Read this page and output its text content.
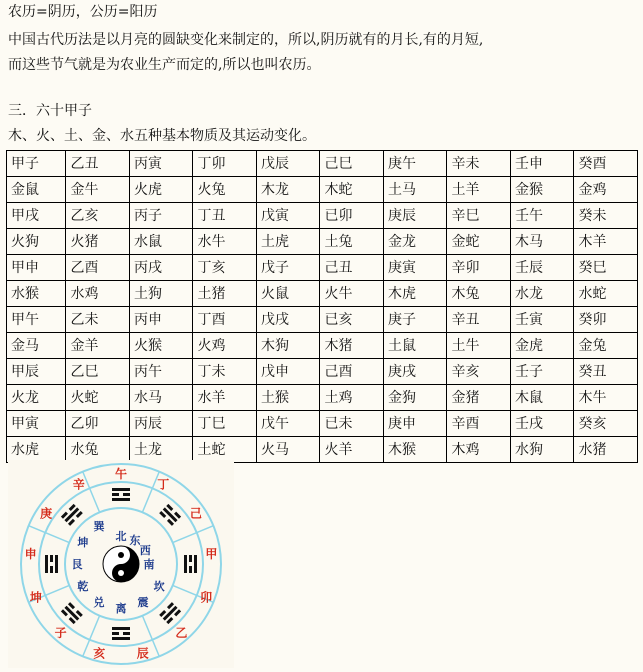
农历=阴历，公历=阳历
中国古代历法是以月亮的圆缺变化来制定的，所以,阴历就有的月长,有的月短,
而这些节气就是为农业生产而定的,所以也叫农历。
三．六十甲子
木、火、土、金、水五种基本物质及其运动变化。
甲子	乙丑	丙寅	丁卯	戊辰	己巳	庚午	辛未	壬申	癸酉
金鼠	金牛	火虎	火兔	木龙	木蛇	土马	土羊	金猴	金鸡
甲戌	乙亥	丙子	丁丑	戊寅	已卯	庚辰	辛巳	壬午	癸未
火狗	火猪	水鼠	水牛	土虎	土兔	金龙	金蛇	木马	木羊
甲申	乙酉	丙戌	丁亥	戊子	己丑	庚寅	辛卯	壬辰	癸巳
水猴	水鸡	土狗	土猪	火鼠	火牛	木虎	木兔	水龙	水蛇
甲午	乙未	丙申	丁酉	戊戌	已亥	庚子	辛丑	壬寅	癸卯
金马	金羊	火猴	火鸡	木狗	木猪	土鼠	土牛	金虎	金兔
甲辰	乙巳	丙午	丁未	戊申	己酉	庚戌	辛亥	壬子	癸丑
火龙	火蛇	水马	水羊	土猴	土鸡	金狗	金猪	木鼠	木牛
甲寅	乙卯	丙辰	丁巳	戊午	已未	庚申	辛酉	壬戌	癸亥
水虎	水兔	土龙	土蛇	火马	火羊	木猴	木鸡	水狗	水猪
午
丁
己
甲
卯
乙
辰
亥
子
坤
申
庚
辛
北 东
西
南
坎
震
离
兑
乾
艮
坤
巽
